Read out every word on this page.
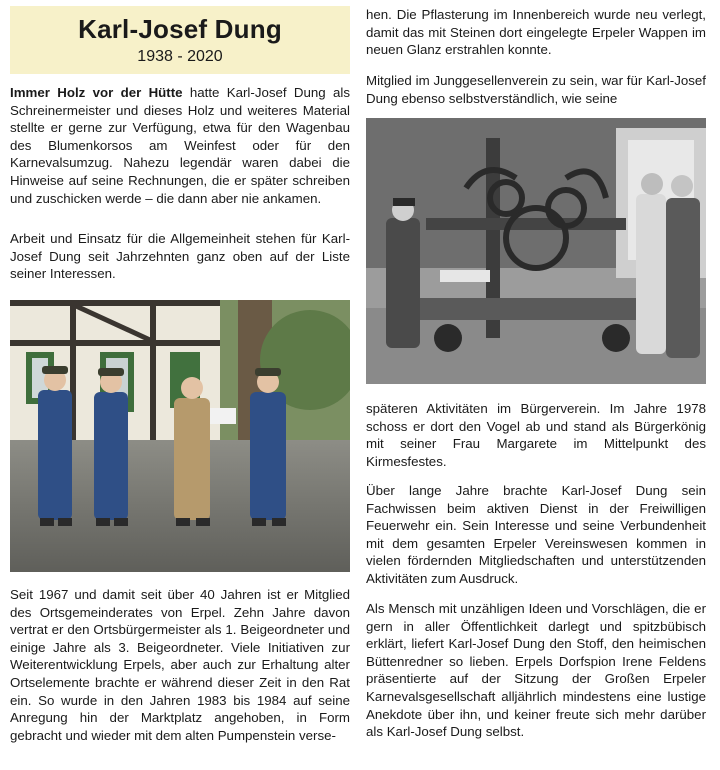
Karl-Josef Dung
1938 - 2020

Immer Holz vor der Hütte hatte Karl-Josef Dung als Schreinermeister und dieses Holz und weiteres Material stellte er gerne zur Verfügung, etwa für den Wagenbau des Blumenkorsos am Weinfest oder für den Karnevalsumzug. Nahezu legendär waren dabei die Hinweise auf seine Rechnungen, die er später schreiben und zuschicken werde – die dann aber nie ankamen.

Arbeit und Einsatz für die Allgemeinheit stehen für Karl-Josef Dung seit Jahrzehnten ganz oben auf der Liste seiner Interessen.

Seit 1967 und damit seit über 40 Jahren ist er Mitglied des Ortsgemeinderates von Erpel. Zehn Jahre davon vertrat er den Ortsbürgermeister als 1. Beigeordneter und einige Jahre als 3. Beigeordneter. Viele Initiativen zur Weiterentwicklung Erpels, aber auch zur Erhaltung alter Ortselemente brachte er während dieser Zeit in den Rat ein. So wurde in den Jahren 1983 bis 1984 auf seine Anregung hin der Marktplatz angehoben, in Form gebracht und wieder mit dem alten Pumpenstein verse-

hen. Die Pflasterung im Innenbereich wurde neu verlegt, damit das mit Steinen dort eingelegte Erpeler Wappen im neuen Glanz erstrahlen konnte.

Mitglied im Junggesellenverein zu sein, war für Karl-Josef Dung ebenso selbstverständlich, wie seine

späteren Aktivitäten im Bürgerverein. Im Jahre 1978 schoss er dort den Vogel ab und stand als Bürgerkönig mit seiner Frau Margarete im Mittelpunkt des Kirmesfestes.

Über lange Jahre brachte Karl-Josef Dung sein Fachwissen beim aktiven Dienst in der Freiwilligen Feuerwehr ein. Sein Interesse und seine Verbundenheit mit dem gesamten Erpeler Vereinswesen kommen in vielen fördernden Mitgliedschaften und unterstützenden Aktivitäten zum Ausdruck.

Als Mensch mit unzähligen Ideen und Vorschlägen, die er gern in aller Öffentlichkeit darlegt und spitzbübisch erklärt, liefert Karl-Josef Dung den Stoff, den heimischen Büttenredner so lieben. Erpels Dorfspion Irene Feldens präsentierte auf der Sitzung der Großen Erpeler Karnevalsgesellschaft alljährlich mindestens eine lustige Anekdote über ihn, und keiner freute sich mehr darüber als Karl-Josef Dung selbst.
